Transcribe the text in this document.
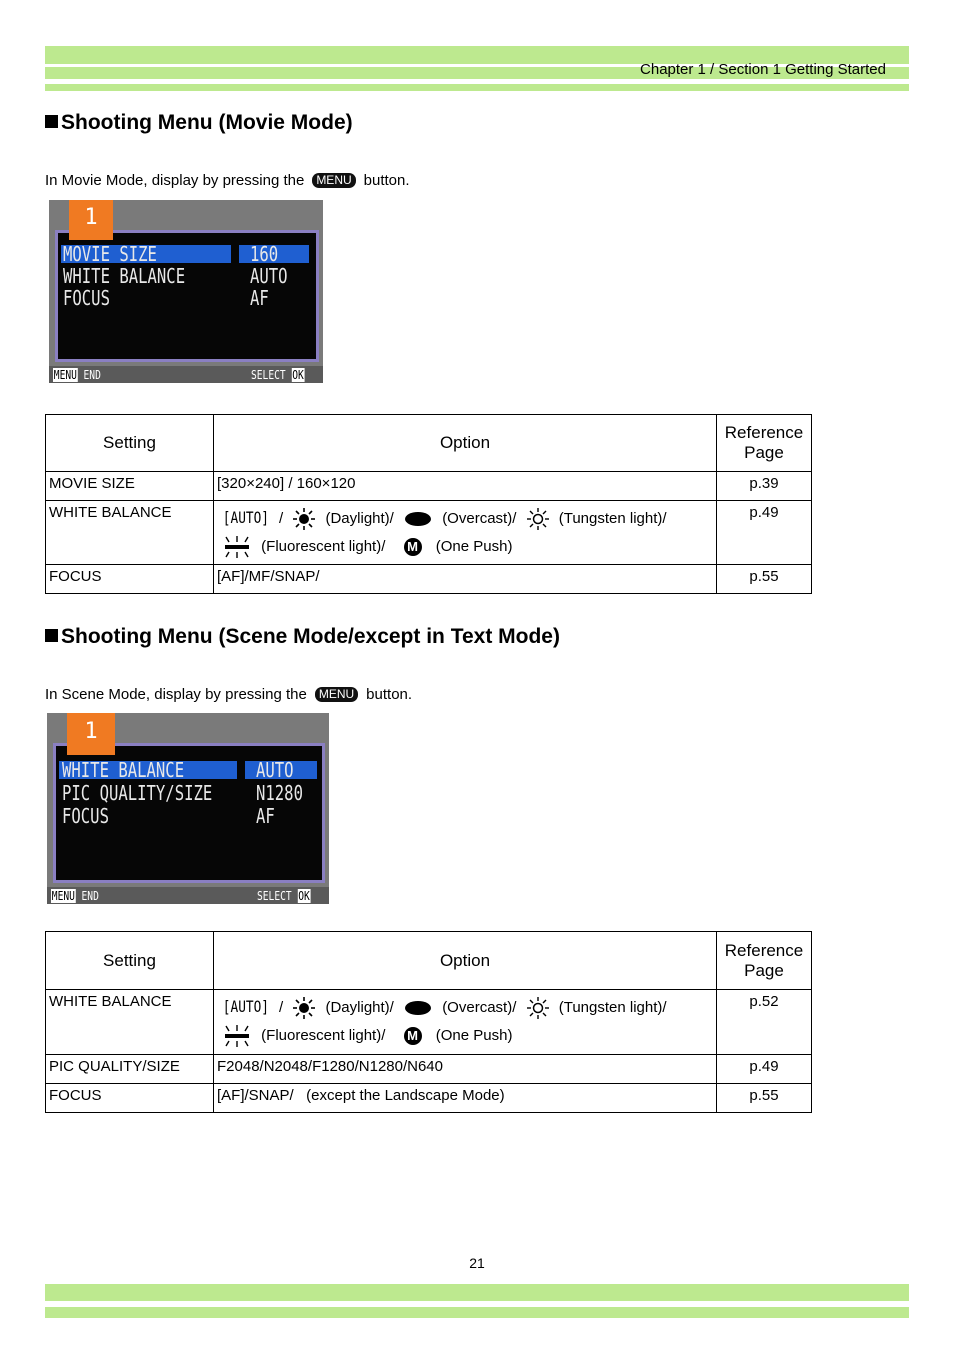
Chapter 1 / Section 1 Getting Started
Shooting Menu (Movie Mode)
In Movie Mode, display by pressing the MENU button.
1
MOVIE SIZE	160
WHITE BALANCE	AUTO
FOCUS	AF
MENU END	SELECT OK
Setting	Option	Reference
Page
MOVIE SIZE	[320×240] / 160×120	p.39
WHITE BALANCE	[AUTO] / (Daylight)/ (Overcast)/ (Tungsten light)/
(Fluorescent light)/ M (One Push)	p.49
FOCUS	[AF]/MF/SNAP/	p.55
Shooting Menu (Scene Mode/except in Text Mode)
In Scene Mode, display by pressing the MENU button.
1
WHITE BALANCE	AUTO
PIC QUALITY/SIZE N1280
FOCUS	AF
MENU END	SELECT OK
Setting	Option	Reference
Page
WHITE BALANCE	[AUTO] / (Daylight)/ (Overcast)/ (Tungsten light)/
(Fluorescent light)/ M (One Push)	p.52
PIC QUALITY/SIZE	F2048/N2048/F1280/N1280/N640	p.49
FOCUS	[AF]/SNAP/   (except the Landscape Mode)	p.55
21
